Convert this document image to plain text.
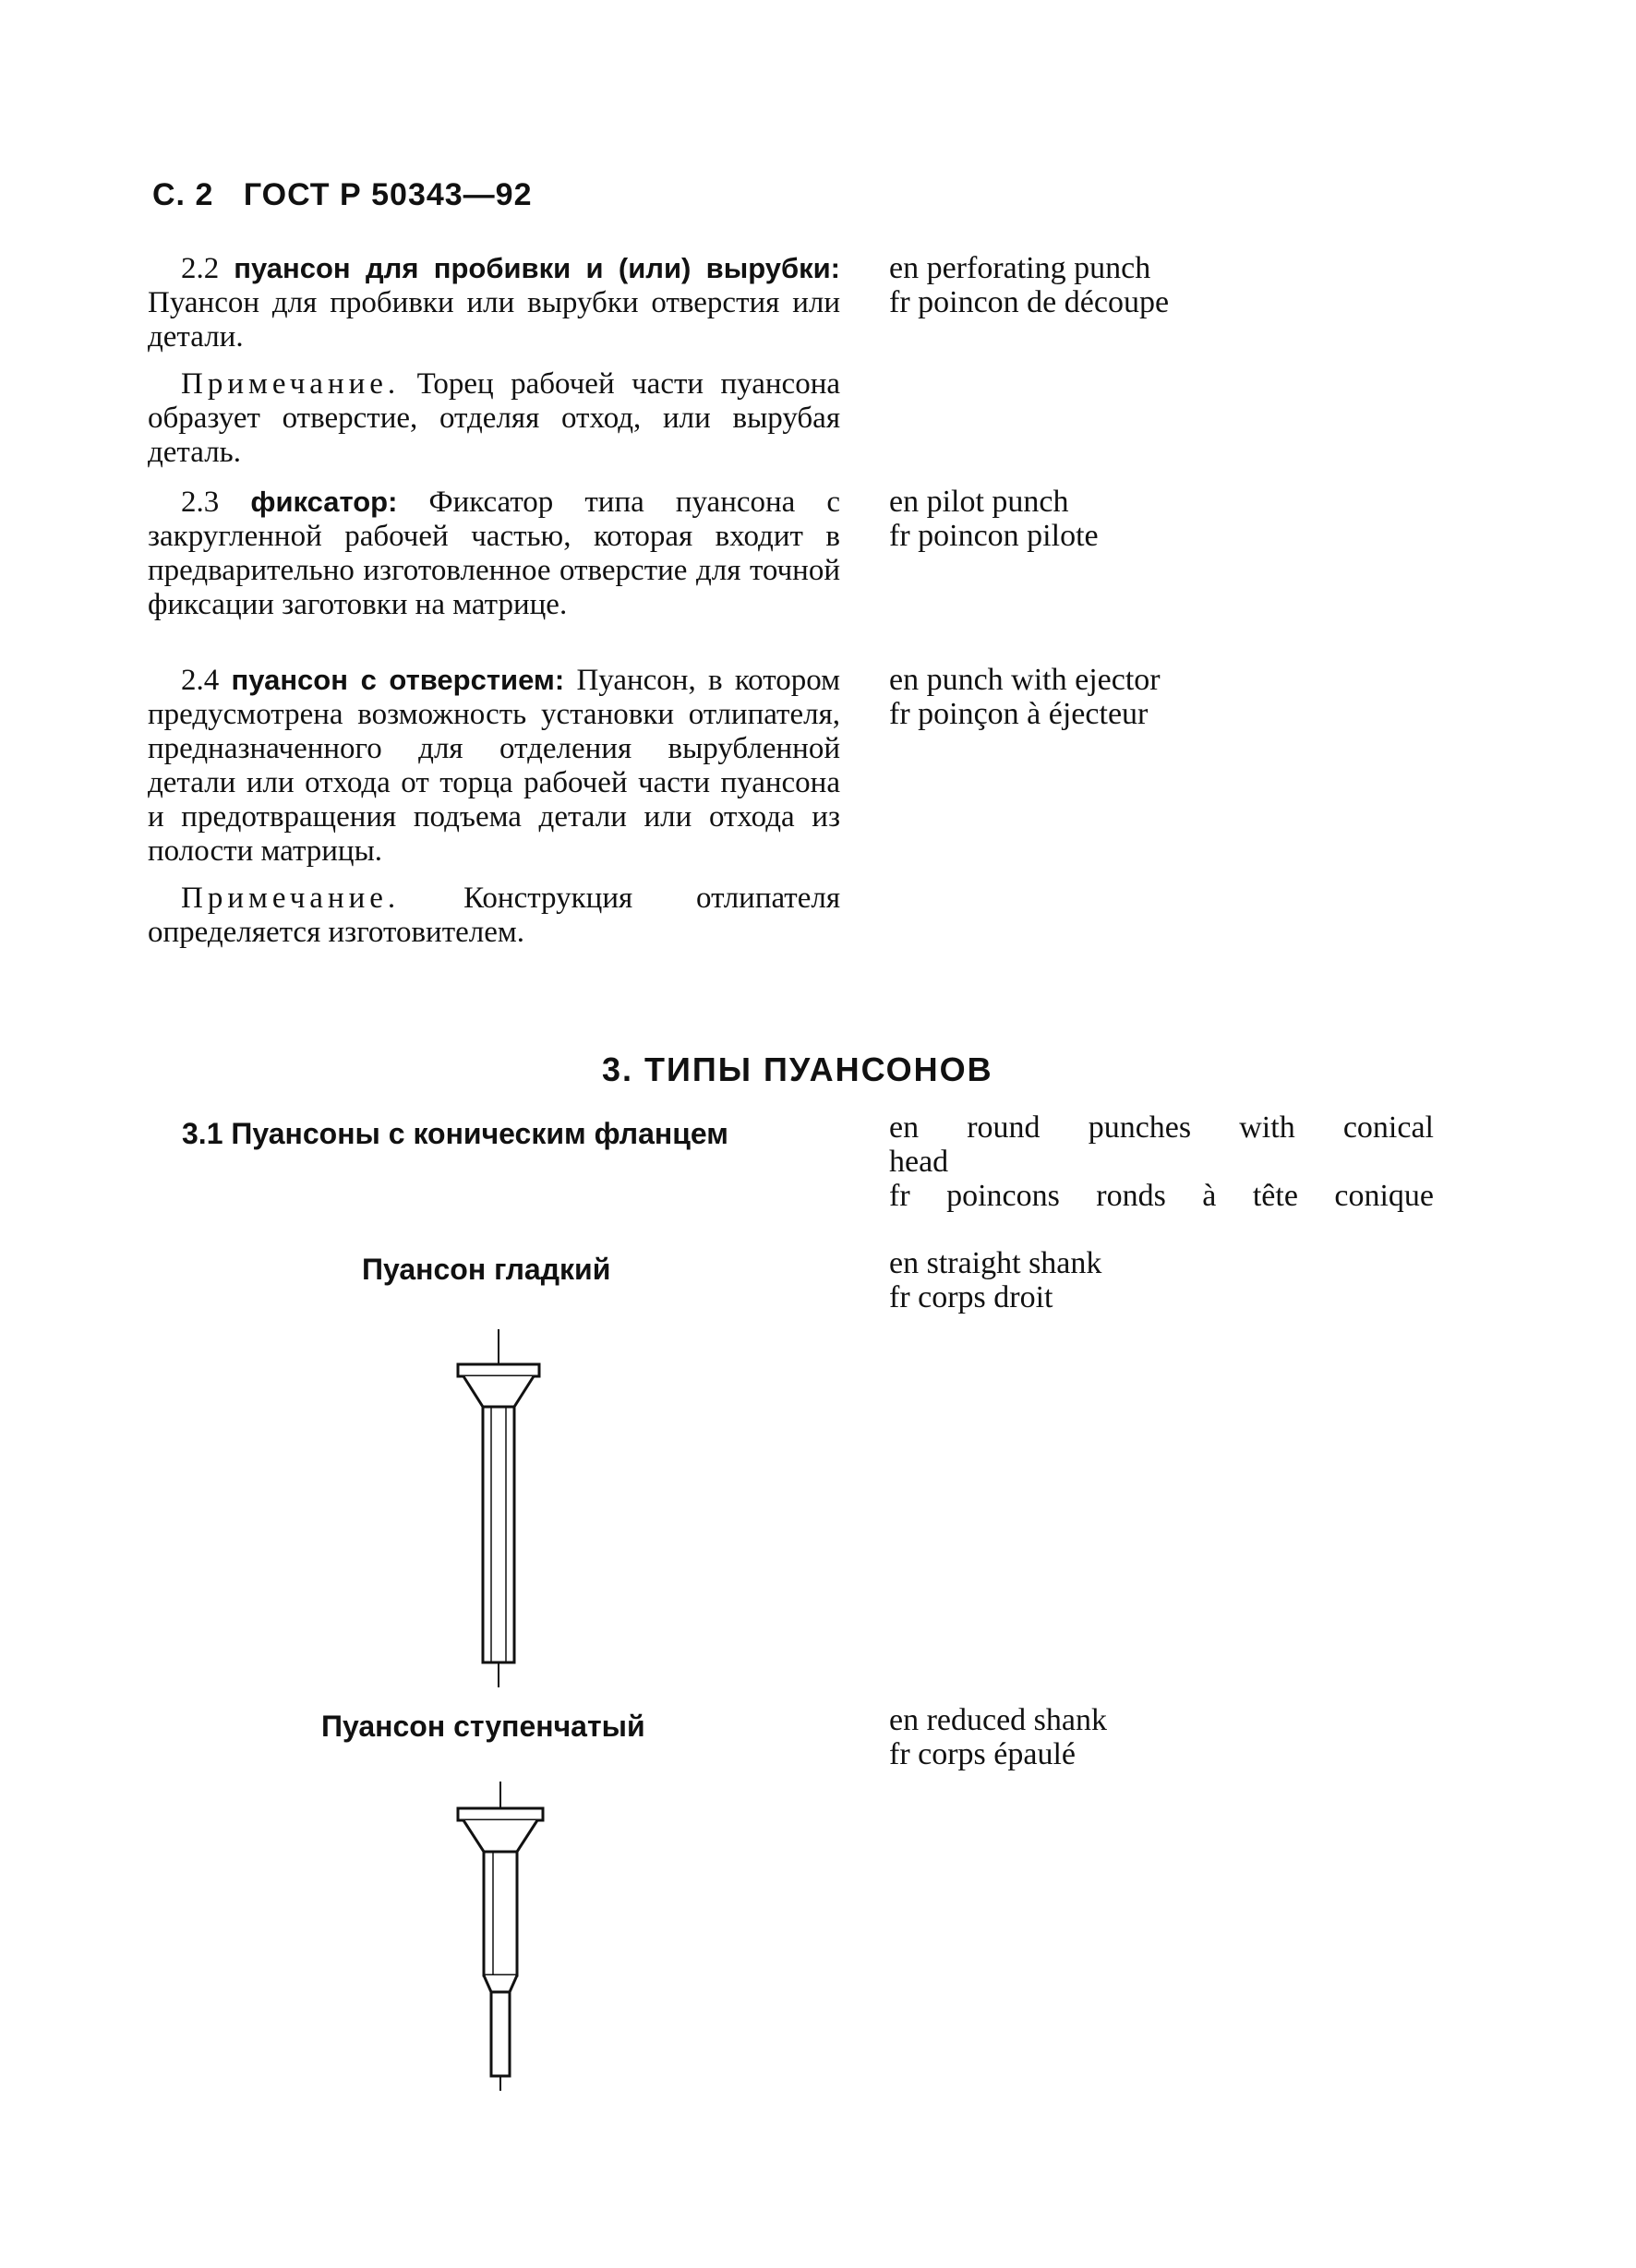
С. 2 ГОСТ Р 50343—92

2.2 пуансон для пробивки и (или) вырубки: Пуансон для пробивки или вырубки отверстия или детали.

Примечание. Торец рабочей части пуансона образует отверстие, отделяя отход, или вырубая деталь.

en perforating punch
fr poincon de découpe

2.3 фиксатор: Фиксатор типа пуансона с закругленной рабочей частью, которая входит в предварительно изготовленное отверстие для точной фиксации заготовки на матрице.

en pilot punch
fr poincon pilote

2.4 пуансон с отверстием: Пуансон, в котором предусмотрена возможность установки отлипателя, предназначенного для отделения вырубленной детали или отхода от торца рабочей части пуансона и предотвращения подъема детали или отхода из полости матрицы.

Примечание. Конструкция отлипателя определяется изготовителем.

en punch with ejector
fr poinçon à éjecteur
3. ТИПЫ ПУАНСОНОВ
3.1 Пуансоны с коническим фланцем	en round punches with conical
head
fr poincons ronds à tête conique
Пуансон гладкий	en straight shank
fr corps droit
Пуансон ступенчатый	en reduced shank
fr corps épaulé
